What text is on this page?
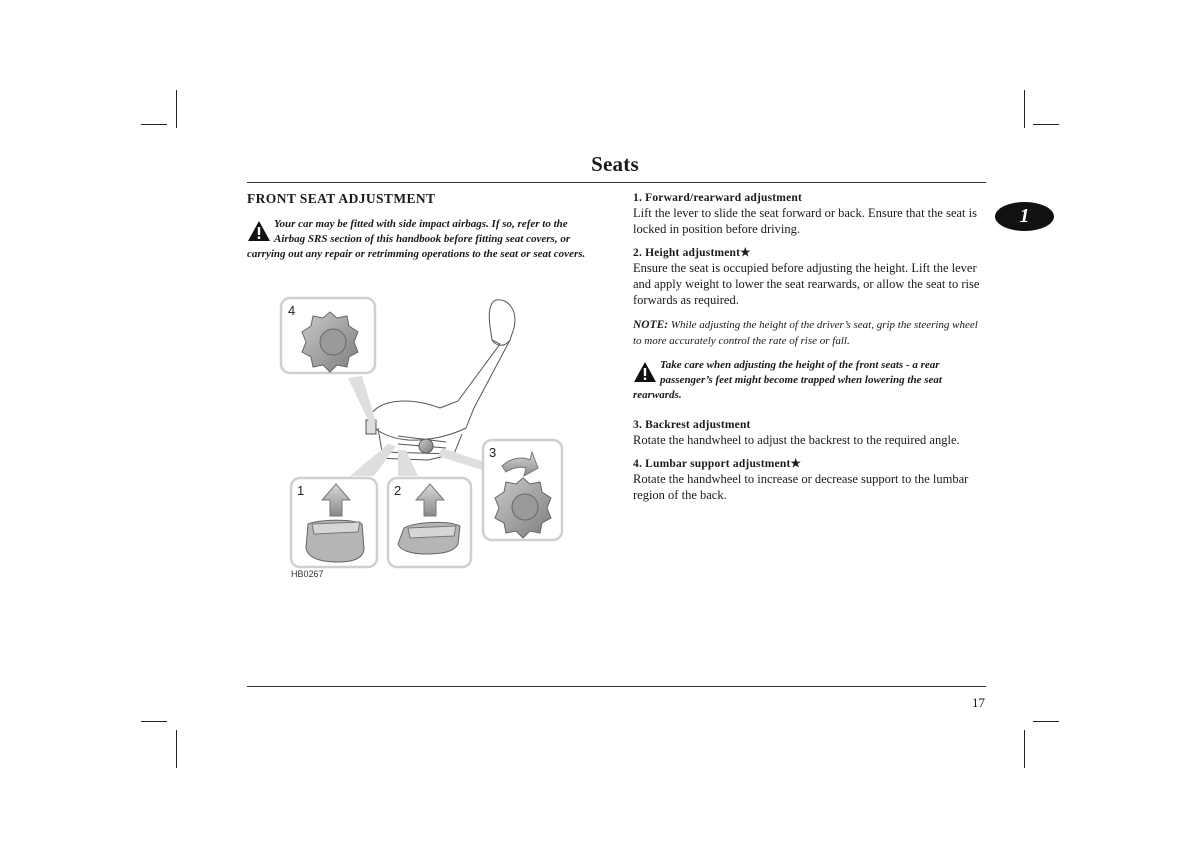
Seats
1
FRONT SEAT ADJUSTMENT
Your car may be fitted with side impact airbags. If so, refer to the Airbag SRS section of this handbook before fitting seat covers, or carrying out any repair or retrimming operations to the seat or seat covers.
4
3
1	2
HB0267
1. Forward/rearward adjustment
Lift the lever to slide the seat forward or back. Ensure that the seat is locked in position before driving.
2. Height adjustment★
Ensure the seat is occupied before adjusting the height. Lift the lever and apply weight to lower the seat rearwards, or allow the seat to rise forwards as required.
NOTE: While adjusting the height of the driver’s seat, grip the steering wheel to more accurately control the rate of rise or fall.
Take care when adjusting the height of the front seats - a rear passenger’s feet might become trapped when lowering the seat rearwards.
3. Backrest adjustment
Rotate the handwheel to adjust the backrest to the required angle.
4. Lumbar support adjustment★
Rotate the handwheel to increase or decrease support to the lumbar region of the back.
17
